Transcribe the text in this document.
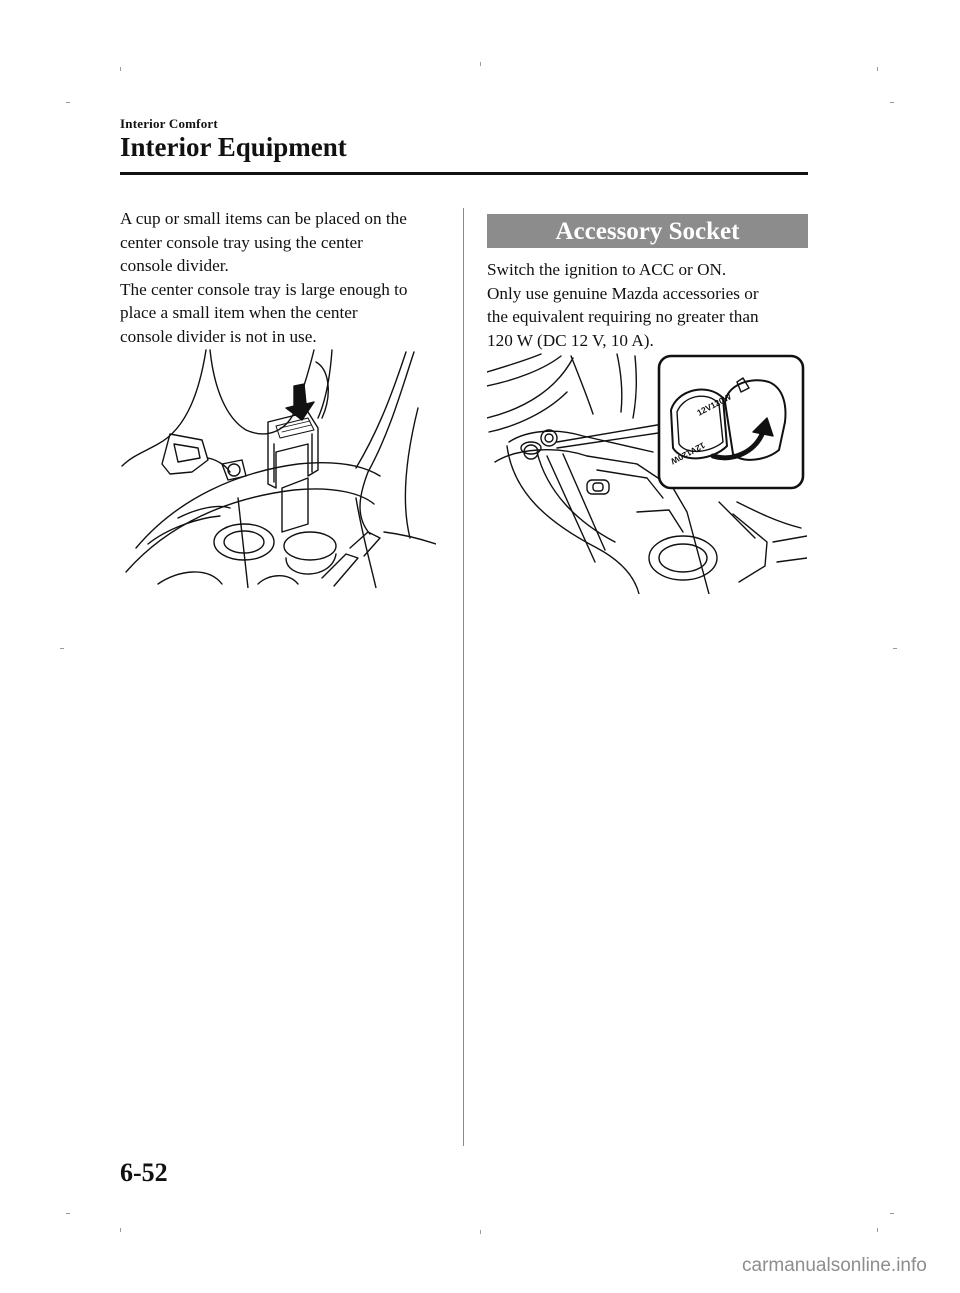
Interior Comfort
Interior Equipment

A cup or small items can be placed on the
center console tray using the center
console divider.
The center console tray is large enough to
place a small item when the center
console divider is not in use.

Accessory Socket

Switch the ignition to ACC or ON.
Only use genuine Mazda accessories or
the equivalent requiring no greater than
120 W (DC 12 V, 10 A).

12V120W
12V120W
6-52
carmanualsonline.info
